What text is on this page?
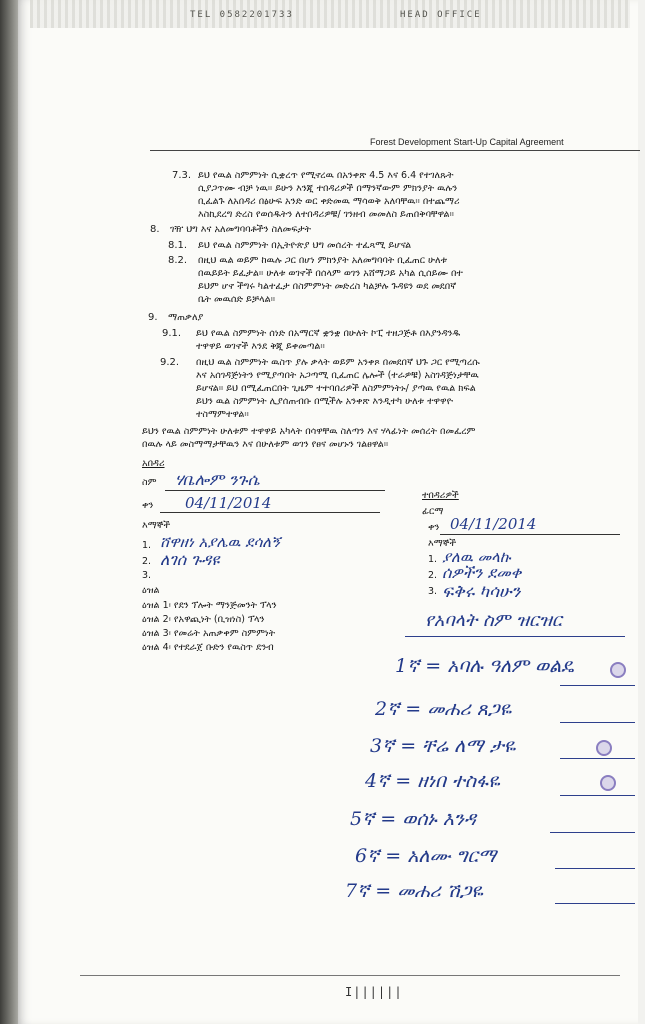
TEL 0582201733	HEAD OFFICE
Forest Development Start-Up Capital Agreement
7.3. ይህ የዉል ስምምነት ሲቋረጥ የሚኖረዉ በአንቀጽ 4.5 እና 6.4 የተገለጹት
ሲያጋጥሙ ብቻ ነዉ። ይሁን እንጂ ተበዳሪዎች በማንኛውም ምክንያት ዉሉን
ቢፈልጉ ለአበዳሪ በፅሁፍ አንድ ወር ቀድመዉ ማሳወቅ አለባቸዉ። በተጨማሪ
እስኪደረግ ድረስ የወሰዱትን ለተበዳሪዎቹ/ ገንዘብ መመለስ ይጠበቅባቸዋል።
8. ገዥ ህግ እና አለመግባባቶችን ስለመፍታት
8.1. ይህ የዉል ስምምነት በኢትዮጵያ ህግ መሰረት ተፈጻሚ ይሆናል
8.2. በዚህ ዉል ወይም ከዉሉ ጋር በሆነ ምክንያት አለመግባባት ቢፈጠር ሁለቱ
በዉይይት ይፈታል። ሁለቱ ወገኖች በሰላም ወገን አሸማጋይ አካል ሲሰይሙ በተ
ይህም ሆኖ ችግሩ ካልተፈታ በስምምነት መድረስ ካልቻሉ ጉዳዩን ወደ መደበኛ
ቤት መዉሰድ ይቻላል።
9. ማጠቃለያ
9.1. ይህ የዉል ስምምነት ሰነድ በአማርኛ ቋንቋ በሁለት ኮፒ ተዘጋጅቶ በእያንዳንዱ
ተዋዋይ ወገኖች እንደ ቅጂ ይቀመጣል።
9.2. በዚህ ዉል ስምምነት ዉስጥ ያሉ ቃላት ወይም አንቀጾ በመደበኛ ህጉ ጋር የሚጣረሱ
እና አሰገዳጅነትን የሚያጣበት አጋጣሚ ቢፈጠር ሌሎች (ተራዎቹ) አስገዳጅነታቸዉ
ይሆናል። ይህ በሚፈጠርበት ጊዜም ተተባበሪዎች ለስምምነትኑ/ ያጣዉ የዉል ክፍል
ይህን ዉል ስምምነት ሊያሰጠብቡ በሚችሉ አንቀጽ እንዲተካ ሁለቱ ተዋዋዮ
ተስማምተዋል።
ይህን የዉል ስምምነት ሁለቱም ተዋዋይ አካላት በሳዋቸዉ ስለጣን እና ሃላፊነት መሰረት በመፈረም
በዉሉ ላይ መስማማታቸዉን እና በሁለቱም ወገን የፀና መሆኑን ገልፀዋል።
አበዳሪ
ስም ሃቤሎም ንጉሴ
ቀን 04/11/2014
እማኞች
1. ሸዋዘነ አያሌዉ ደሳለኝ
2. ለገሰ ጉዳዩ
3.
ዕዝል
ዕዝል 1፡ የደን ፕሎት ማንጅመንት ፕላን
ዕዝል 2፡ የአዋጪነት (ቢዝነስ) ፕላን
ዕዝል 3፡ የመሬት አጠቃቀም ስምምነት
ዕዝል 4፡ የተደራጀ ቡድን የዉስጥ ደንብ
ተበዳሪዎች
ፊርማ
ቀን 04/11/2014
እማኞች
1. ያለዉ መላኩ
2. ሰዎችን ደመቀ
3. ፍቅሩ ካሳሁን
የአባላት ስም ዝርዝር
1ኛ = አባሉ ዓለም ወልዴ
2ኛ = መሐሪ ጸጋዬ
3ኛ = ቸሬ ለማ ታዬ
4ኛ = ዘነበ ተስፋዬ
5ኛ = ወሰኑ እንዳ
6ኛ = አለሙ ግርማ
7ኛ = መሐሪ ሽጋዬ
I||||||
